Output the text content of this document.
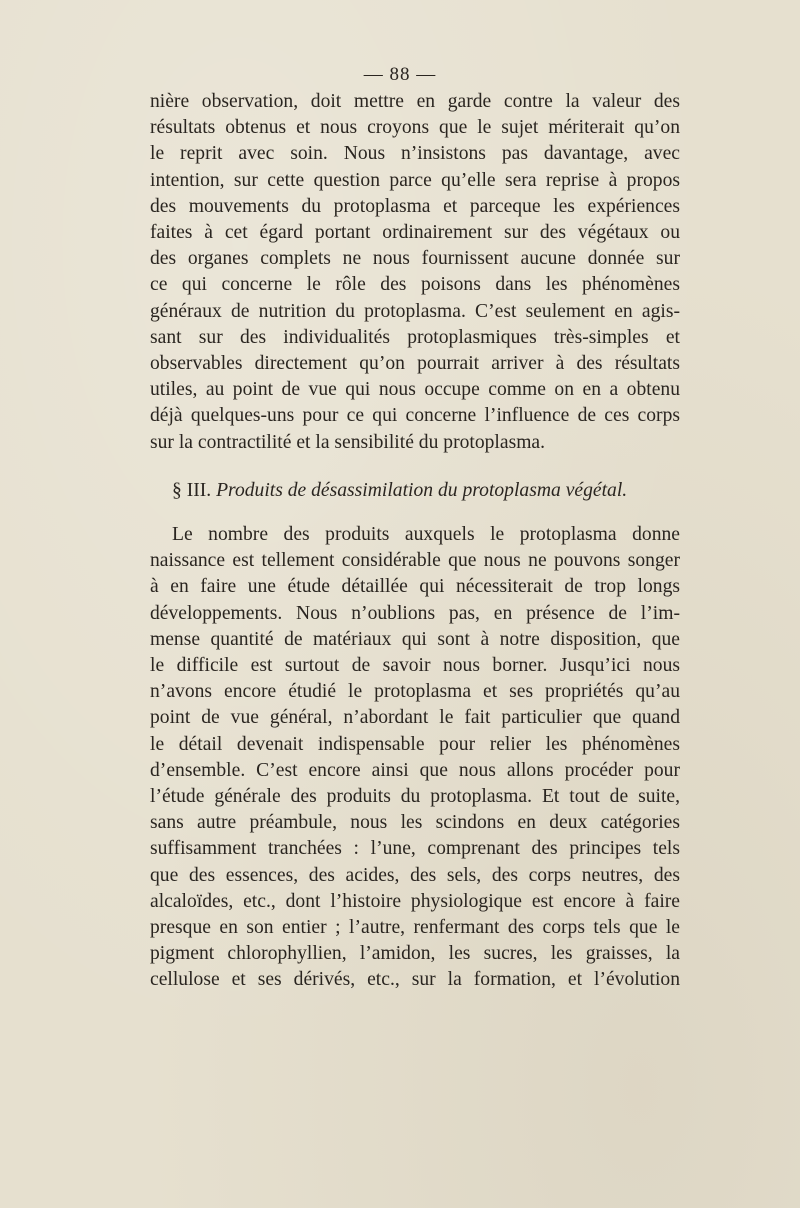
— 88 —

nière observation, doit mettre en garde contre la valeur des

résultats obtenus et nous croyons que le sujet mériterait qu’on

le reprit avec soin. Nous n’insistons pas davantage, avec

intention, sur cette question parce qu’elle sera reprise à propos

des mouvements du protoplasma et parceque les expériences

faites à cet égard portant ordinairement sur des végétaux ou

des organes complets ne nous fournissent aucune donnée sur

ce qui concerne le rôle des poisons dans les phénomènes

généraux de nutrition du protoplasma. C’est seulement en agis-

sant sur des individualités protoplasmiques très-simples et

observables directement qu’on pourrait arriver à des résultats

utiles, au point de vue qui nous occupe comme on en a obtenu

déjà quelques-uns pour ce qui concerne l’influence de ces corps

sur la contractilité et la sensibilité du protoplasma.

§ III. Produits de désassimilation du protoplasma végétal.

Le nombre des produits auxquels le protoplasma donne

naissance est tellement considérable que nous ne pouvons songer

à en faire une étude détaillée qui nécessiterait de trop longs

développements. Nous n’oublions pas, en présence de l’im-

mense quantité de matériaux qui sont à notre disposition, que

le difficile est surtout de savoir nous borner. Jusqu’ici nous

n’avons encore étudié le protoplasma et ses propriétés qu’au

point de vue général, n’abordant le fait particulier que quand

le détail devenait indispensable pour relier les phénomènes

d’ensemble. C’est encore ainsi que nous allons procéder pour

l’étude générale des produits du protoplasma. Et tout de suite,

sans autre préambule, nous les scindons en deux catégories

suffisamment tranchées : l’une, comprenant des principes tels

que des essences, des acides, des sels, des corps neutres, des

alcaloïdes, etc., dont l’histoire physiologique est encore à faire

presque en son entier ; l’autre, renfermant des corps tels que le

pigment chlorophyllien, l’amidon, les sucres, les graisses, la

cellulose et ses dérivés, etc., sur la formation, et l’évolution
